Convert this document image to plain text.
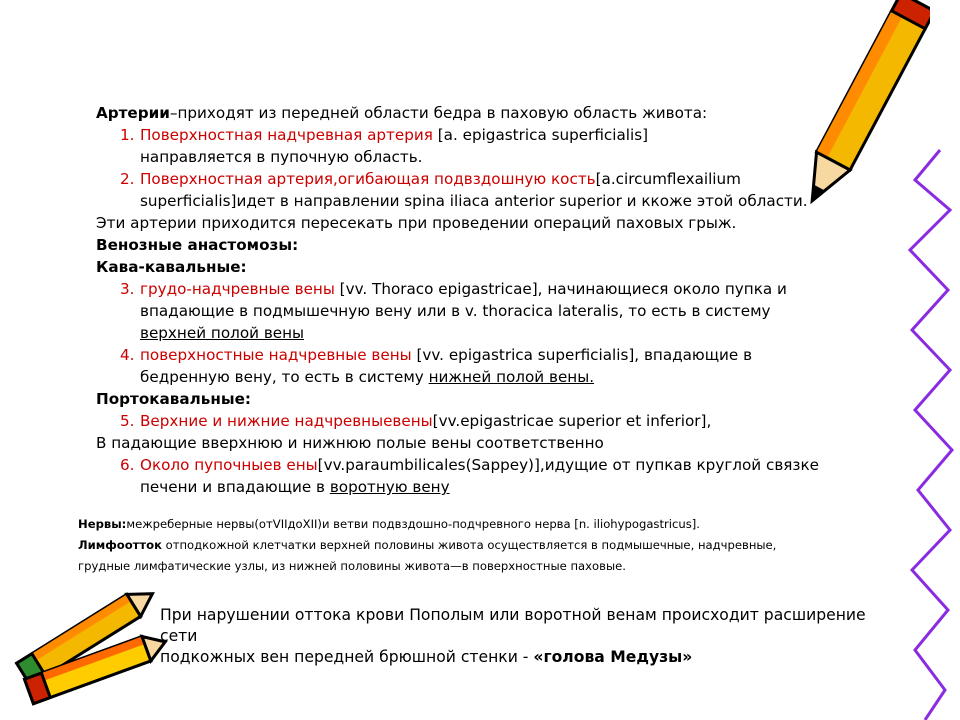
Артерии–приходят из передней области бедра в паховую область живота:

1. Поверхностная надчревная артерия [a. epigastrica superficialis]
направляется в пупочную область.

2. Поверхностная артерия,огибающая подвздошную кость[a.circumflexailium
superficialis]идет в направлении spina iliaca anterior superior и ккоже этой области.

Эти артерии приходится пересекать при проведении операций паховых грыж.

Венозные анастомозы:

Кава-кавальные:

3. грудо-надчревные вены [vv. Thoraco epigastricae], начинающиеся около пупка и
впадающие в подмышечную вену или в v. thoracica lateralis, то есть в систему
верхней полой вены

4. поверхностные надчревные вены [vv. epigastrica superficialis], впадающие в
бедренную вену, то есть в систему нижней полой вены.

Портокавальные:

5. Верхние и нижние надчревныевены[vv.epigastricae superior et inferior],

В падающие вверхнюю и нижнюю полые вены соответственно

6. Около пупочныев ены[vv.paraumbilicales(Sappey)],идущие от пупкав круглой связке
печени и впадающие в воротную вену

Нервы:межреберные нервы(отVIIдоXII)и ветви подвздошно-подчревного нерва [n. iliohypogastricus].

Лимфоотток отподкожной клетчатки верхней половины живота осуществляется в подмышечные, надчревные,

грудные лимфатические узлы, из нижней половины живота—в поверхностные паховые.

При нарушении оттока крови Пополым или воротной венам происходит расширение

сети

подкожных вен передней брюшной стенки - «голова Медузы»
